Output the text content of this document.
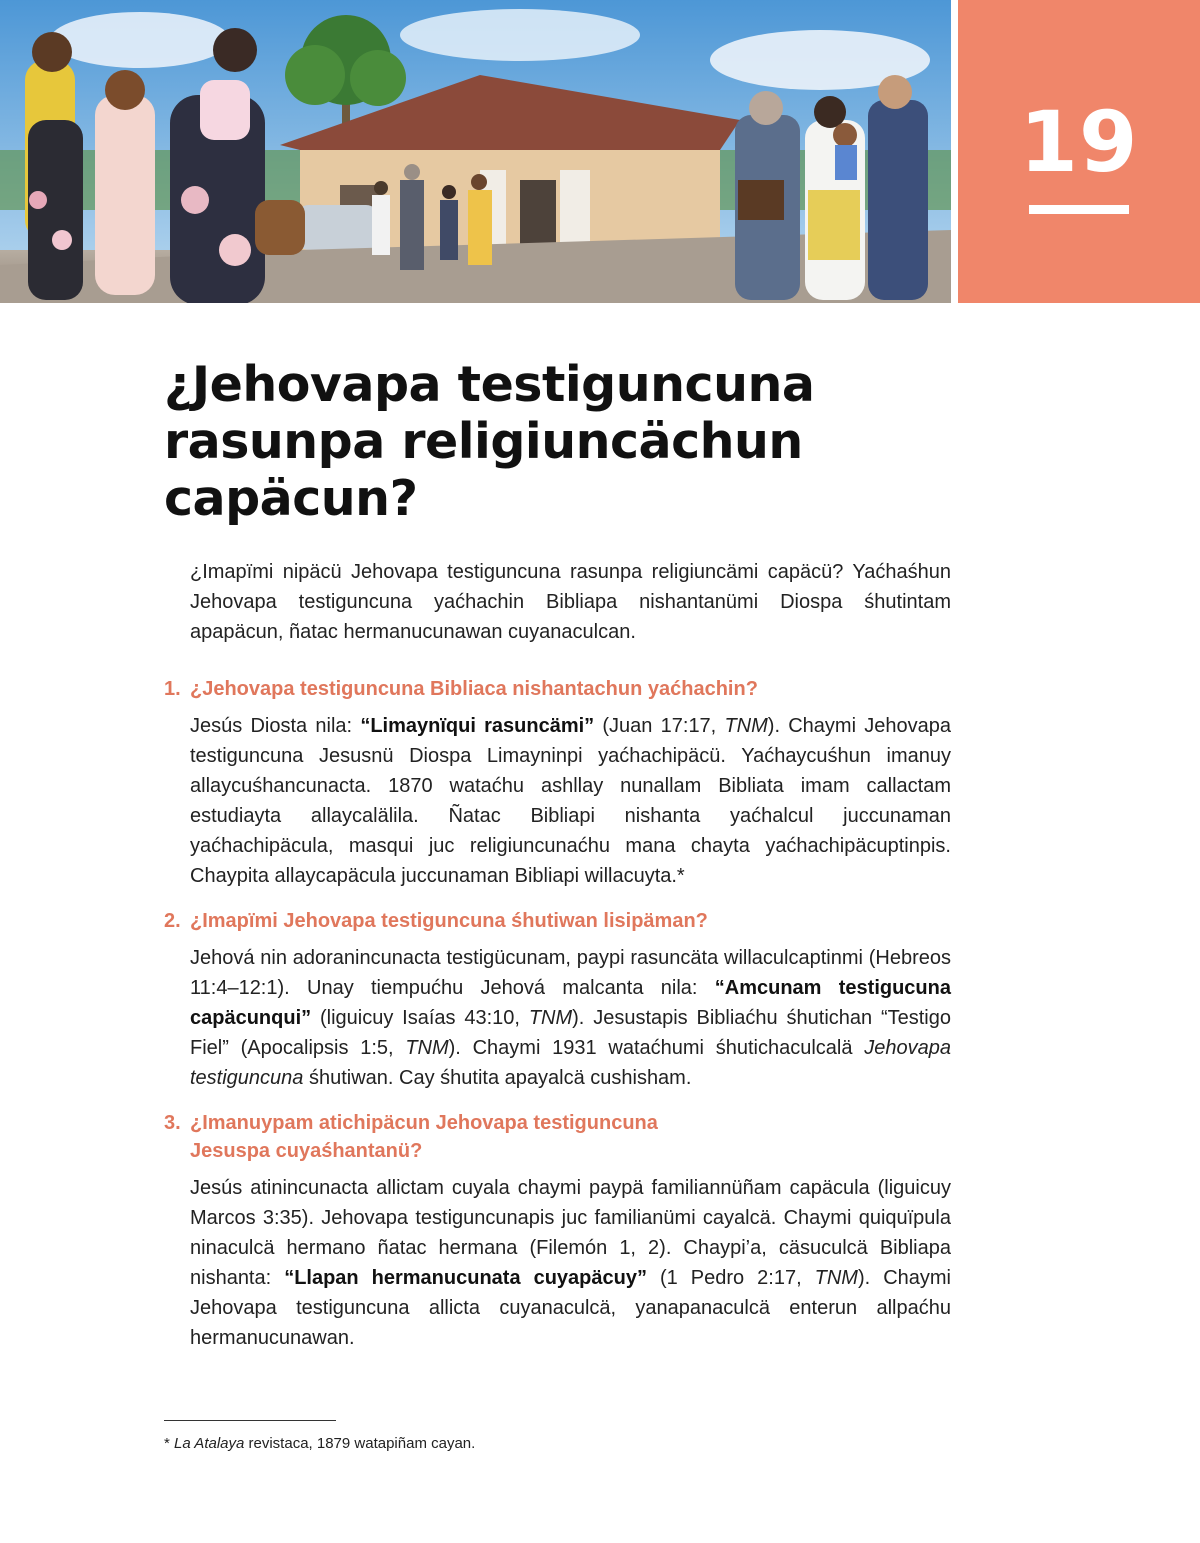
19
¿Jehovapa testiguncuna rasunpa religiuncächun capäcun?

¿Imapïmi nipäcü Jehovapa testiguncuna rasunpa religiuncämi capäcü? Yaćhaśhun Jehovapa testiguncuna yaćhachin Bibliapa nishantanümi Diospa śhutintam apapäcun, ñatac hermanucunawan cuyanaculcan.

1. ¿Jehovapa testiguncuna Bibliaca nishantachun yaćhachin?

Jesús Diosta nila: “Limaynïqui rasuncämi” (Juan 17:17, TNM). Chaymi Jehovapa testiguncuna Jesusnü Diospa Limayninpi yaćhachipäcü. Yaćhaycuśhun imanuy allaycuśhancunacta. 1870 wataćhu ashllay nunallam Bibliata imam callactam estudiayta allaycalälila. Ñatac Bibliapi nishanta yaćhalcul juccunaman yaćhachipäcula, masqui juc religiuncunaćhu mana chayta yaćhachipäcuptinpis. Chaypita allaycapäcula juccunaman Bibliapi willacuyta.*

2. ¿Imapïmi Jehovapa testiguncuna śhutiwan lisipäman?

Jehová nin adoranincunacta testigücunam, paypi rasuncäta willaculcaptinmi (Hebreos 11:4–12:1). Unay tiempućhu Jehová malcanta nila: “Amcunam testigucuna capäcunqui” (liguicuy Isaías 43:10, TNM). Jesustapis Bibliaćhu śhutichan “Testigo Fiel” (Apocalipsis 1:5, TNM). Chaymi 1931 wataćhumi śhutichaculcalä Jehovapa testiguncuna śhutiwan. Cay śhutita apayalcä cushisham.

3. ¿Imanuypam atichipäcun Jehovapa testiguncuna
Jesuspa cuyaśhantanü?

Jesús atinincunacta allictam cuyala chaymi paypä familiannüñam capäcula (liguicuy Marcos 3:35). Jehovapa testiguncunapis juc familianümi cayalcä. Chaymi quiquïpula ninaculcä hermano ñatac hermana (Filemón 1, 2). Chaypi’a, cäsuculcä Bibliapa nishanta: “Llapan hermanucunata cuyapäcuy” (1 Pedro 2:17, TNM). Chaymi Jehovapa testiguncuna allicta cuyanaculcä, yanapanaculcä enterun allpaćhu hermanucunawan.

* La Atalaya revistaca, 1879 watapiñam cayan.
